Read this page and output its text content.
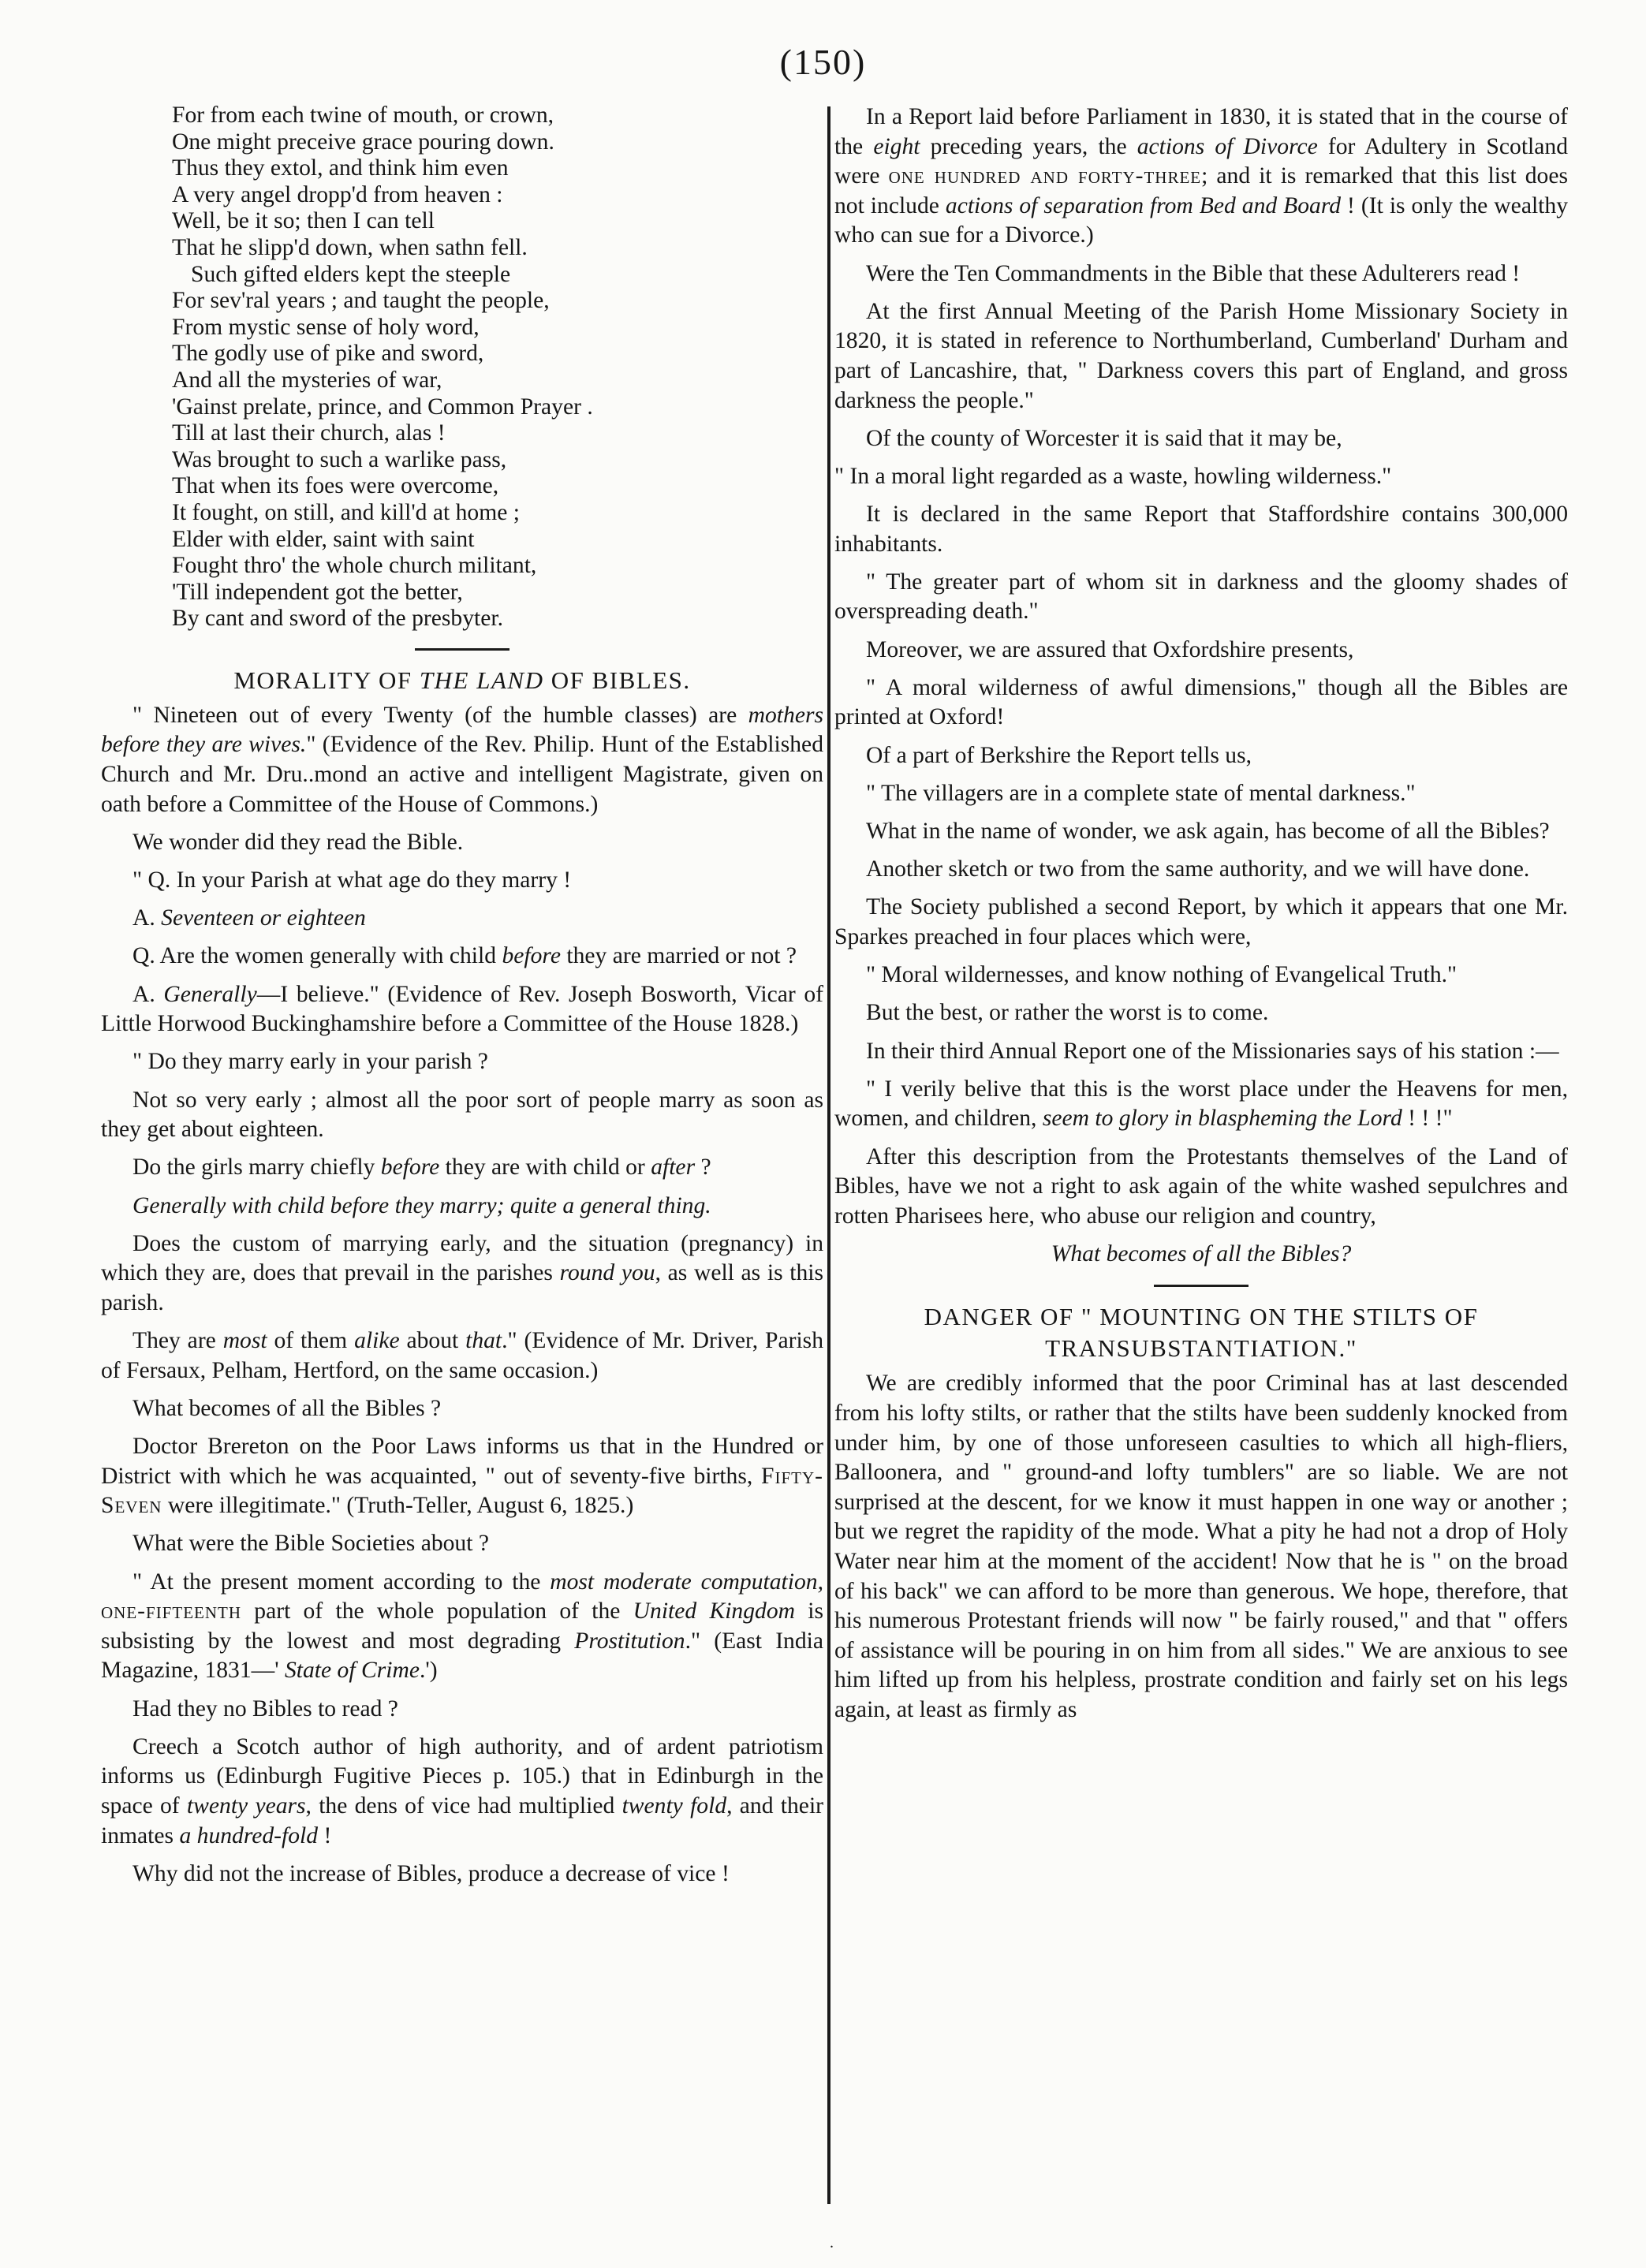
(150)
For from each twine of mouth, or crown,
One might preceive grace pouring down.
Thus they extol, and think him even
A very angel dropp'd from heaven :
Well, be it so; then I can tell
That he slipp'd down, when sathn fell.
Such gifted elders kept the steeple
For sev'ral years ; and taught the people,
From mystic sense of holy word,
The godly use of pike and sword,
And all the mysteries of war,
'Gainst prelate, prince, and Common Prayer .
Till at last their church, alas !
Was brought to such a warlike pass,
That when its foes were overcome,
It fought, on still, and kill'd at home ;
Elder with elder, saint with saint
Fought thro' the whole church militant,
'Till independent got the better,
By cant and sword of the presbyter.
MORALITY OF THE LAND OF BIBLES.

" Nineteen out of every Twenty (of the humble classes) are mothers before they are wives." (Evidence of the Rev. Philip. Hunt of the Established Church and Mr. Dru..mond an active and intelligent Magistrate, given on oath before a Committee of the House of Commons.)

We wonder did they read the Bible.

" Q. In your Parish at what age do they marry !

A. Seventeen or eighteen

Q. Are the women generally with child before they are married or not ?

A. Generally—I believe." (Evidence of Rev. Joseph Bosworth, Vicar of Little Horwood Buckinghamshire before a Committee of the House 1828.)

" Do they marry early in your parish ?

Not so very early ; almost all the poor sort of people marry as soon as they get about eighteen.

Do the girls marry chiefly before they are with child or after ?

Generally with child before they marry; quite a general thing.

Does the custom of marrying early, and the situation (pregnancy) in which they are, does that prevail in the parishes round you, as well as is this parish.

They are most of them alike about that." (Evidence of Mr. Driver, Parish of Fersaux, Pelham, Hertford, on the same occasion.)

What becomes of all the Bibles ?

Doctor Brereton on the Poor Laws informs us that in the Hundred or District with which he was acquainted, " out of seventy-five births, Fifty-Seven were illegitimate." (Truth-Teller, August 6, 1825.)

What were the Bible Societies about ?

" At the present moment according to the most moderate computation, one-fifteenth part of the whole population of the United Kingdom is subsisting by the lowest and most degrading Prostitution." (East India Magazine, 1831—' State of Crime.')

Had they no Bibles to read ?

Creech a Scotch author of high authority, and of ardent patriotism informs us (Edinburgh Fugitive Pieces p. 105.) that in Edinburgh in the space of twenty years, the dens of vice had multiplied twenty fold, and their inmates a hundred-fold !

Why did not the increase of Bibles, produce a decrease of vice !

In a Report laid before Parliament in 1830, it is stated that in the course of the eight preceding years, the actions of Divorce for Adultery in Scotland were one hundred and forty-three; and it is remarked that this list does not include actions of separation from Bed and Board ! (It is only the wealthy who can sue for a Divorce.)

Were the Ten Commandments in the Bible that these Adulterers read !

At the first Annual Meeting of the Parish Home Missionary Society in 1820, it is stated in reference to Northumberland, Cumberland' Durham and part of Lancashire, that, " Darkness covers this part of England, and gross darkness the people."

Of the county of Worcester it is said that it may be,

" In a moral light regarded as a waste, howling wilderness."

It is declared in the same Report that Staffordshire contains 300,000 inhabitants.

" The greater part of whom sit in darkness and the gloomy shades of overspreading death."

Moreover, we are assured that Oxfordshire presents,

" A moral wilderness of awful dimensions," though all the Bibles are printed at Oxford!

Of a part of Berkshire the Report tells us,

" The villagers are in a complete state of mental darkness."

What in the name of wonder, we ask again, has become of all the Bibles?

Another sketch or two from the same authority, and we will have done.

The Society published a second Report, by which it appears that one Mr. Sparkes preached in four places which were,

" Moral wildernesses, and know nothing of Evangelical Truth."

But the best, or rather the worst is to come.

In their third Annual Report one of the Missionaries says of his station :—

" I verily belive that this is the worst place under the Heavens for men, women, and children, seem to glory in blaspheming the Lord ! ! !"

After this description from the Protestants themselves of the Land of Bibles, have we not a right to ask again of the white washed sepulchres and rotten Pharisees here, who abuse our religion and country,

What becomes of all the Bibles?

DANGER OF " MOUNTING ON THE STILTS OF TRANSUBSTANTIATION."

We are credibly informed that the poor Criminal has at last descended from his lofty stilts, or rather that the stilts have been suddenly knocked from under him, by one of those unforeseen casulties to which all high-fliers, Balloonera, and " ground-and lofty tumblers" are so liable. We are not surprised at the descent, for we know it must happen in one way or another ; but we regret the rapidity of the mode. What a pity he had not a drop of Holy Water near him at the moment of the accident! Now that he is " on the broad of his back" we can afford to be more than generous. We hope, therefore, that his numerous Protestant friends will now " be fairly roused," and that " offers of assistance will be pouring in on him from all sides." We are anxious to see him lifted up from his helpless, prostrate condition and fairly set on his legs again, at least as firmly as

.
